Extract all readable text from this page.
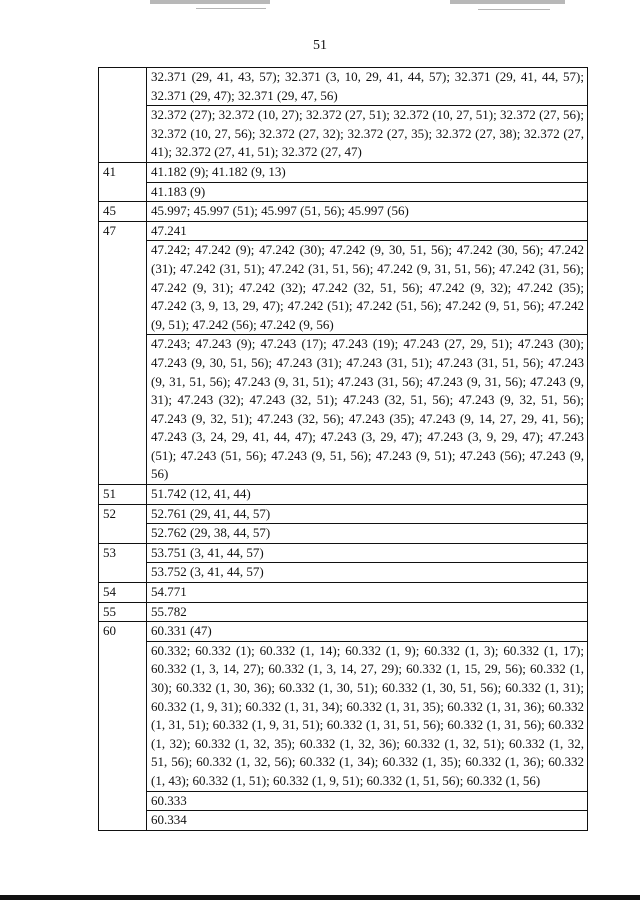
51
	32.371 (29, 41, 43, 57); 32.371 (3, 10, 29, 41, 44, 57); 32.371 (29, 41, 44, 57); 32.371 (29, 47); 32.371 (29, 47, 56)
	32.372 (27); 32.372 (10, 27); 32.372 (27, 51); 32.372 (10, 27, 51); 32.372 (27, 56); 32.372 (10, 27, 56); 32.372 (27, 32); 32.372 (27, 35); 32.372 (27, 38); 32.372 (27, 41); 32.372 (27, 41, 51); 32.372 (27, 47)
41	41.182 (9); 41.182 (9, 13)
	41.183 (9)
45	45.997; 45.997 (51); 45.997 (51, 56); 45.997 (56)
47	47.241
	47.242; 47.242 (9); 47.242 (30); 47.242 (9, 30, 51, 56); 47.242 (30, 56); 47.242 (31); 47.242 (31, 51); 47.242 (31, 51, 56); 47.242 (9, 31, 51, 56); 47.242 (31, 56); 47.242 (9, 31); 47.242 (32); 47.242 (32, 51, 56); 47.242 (9, 32); 47.242 (35); 47.242 (3, 9, 13, 29, 47); 47.242 (51); 47.242 (51, 56); 47.242 (9, 51, 56); 47.242 (9, 51); 47.242 (56); 47.242 (9, 56)
	47.243; 47.243 (9); 47.243 (17); 47.243 (19); 47.243 (27, 29, 51); 47.243 (30); 47.243 (9, 30, 51, 56); 47.243 (31); 47.243 (31, 51); 47.243 (31, 51, 56); 47.243 (9, 31, 51, 56); 47.243 (9, 31, 51); 47.243 (31, 56); 47.243 (9, 31, 56); 47.243 (9, 31); 47.243 (32); 47.243 (32, 51); 47.243 (32, 51, 56); 47.243 (9, 32, 51, 56); 47.243 (9, 32, 51); 47.243 (32, 56); 47.243 (35); 47.243 (9, 14, 27, 29, 41, 56); 47.243 (3, 24, 29, 41, 44, 47); 47.243 (3, 29, 47); 47.243 (3, 9, 29, 47); 47.243 (51); 47.243 (51, 56); 47.243 (9, 51, 56); 47.243 (9, 51); 47.243 (56); 47.243 (9, 56)
51	51.742 (12, 41, 44)
52	52.761 (29, 41, 44, 57)
	52.762 (29, 38, 44, 57)
53	53.751 (3, 41, 44, 57)
	53.752 (3, 41, 44, 57)
54	54.771
55	55.782
60	60.331 (47)
	60.332; 60.332 (1); 60.332 (1, 14); 60.332 (1, 9); 60.332 (1, 3); 60.332 (1, 17); 60.332 (1, 3, 14, 27); 60.332 (1, 3, 14, 27, 29); 60.332 (1, 15, 29, 56); 60.332 (1, 30); 60.332 (1, 30, 36); 60.332 (1, 30, 51); 60.332 (1, 30, 51, 56); 60.332 (1, 31); 60.332 (1, 9, 31); 60.332 (1, 31, 34); 60.332 (1, 31, 35); 60.332 (1, 31, 36); 60.332 (1, 31, 51); 60.332 (1, 9, 31, 51); 60.332 (1, 31, 51, 56); 60.332 (1, 31, 56); 60.332 (1, 32); 60.332 (1, 32, 35); 60.332 (1, 32, 36); 60.332 (1, 32, 51); 60.332 (1, 32, 51, 56); 60.332 (1, 32, 56); 60.332 (1, 34); 60.332 (1, 35); 60.332 (1, 36); 60.332 (1, 43); 60.332 (1, 51); 60.332 (1, 9, 51); 60.332 (1, 51, 56); 60.332 (1, 56)
	60.333
	60.334
